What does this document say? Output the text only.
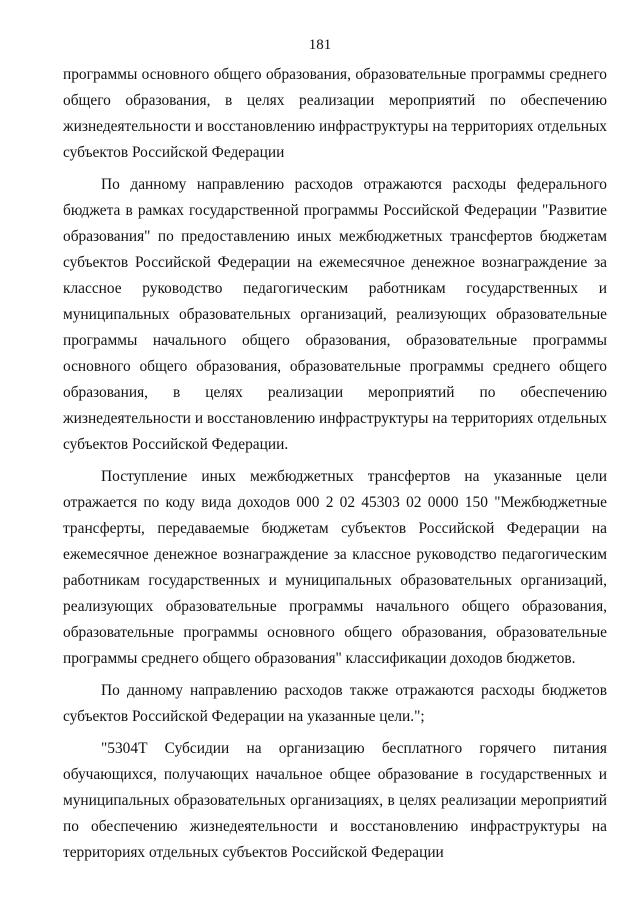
181

программы основного общего образования, образовательные программы среднего общего образования, в целях реализации мероприятий по обеспечению жизнедеятельности и восстановлению инфраструктуры на территориях отдельных субъектов Российской Федерации

По данному направлению расходов отражаются расходы федерального бюджета в рамках государственной программы Российской Федерации "Развитие образования" по предоставлению иных межбюджетных трансфертов бюджетам субъектов Российской Федерации на ежемесячное денежное вознаграждение за классное руководство педагогическим работникам государственных и муниципальных образовательных организаций, реализующих образовательные программы начального общего образования, образовательные программы основного общего образования, образовательные программы среднего общего образования, в целях реализации мероприятий по обеспечению жизнедеятельности и восстановлению инфраструктуры на территориях отдельных субъектов Российской Федерации.

Поступление иных межбюджетных трансфертов на указанные цели отражается по коду вида доходов 000 2 02 45303 02 0000 150 "Межбюджетные трансферты, передаваемые бюджетам субъектов Российской Федерации на ежемесячное денежное вознаграждение за классное руководство педагогическим работникам государственных и муниципальных образовательных организаций, реализующих образовательные программы начального общего образования, образовательные программы основного общего образования, образовательные программы среднего общего образования" классификации доходов бюджетов.

По данному направлению расходов также отражаются расходы бюджетов субъектов Российской Федерации на указанные цели.";

"5304Т Субсидии на организацию бесплатного горячего питания обучающихся, получающих начальное общее образование в государственных и муниципальных образовательных организациях, в целях реализации мероприятий по обеспечению жизнедеятельности и восстановлению инфраструктуры на территориях отдельных субъектов Российской Федерации
